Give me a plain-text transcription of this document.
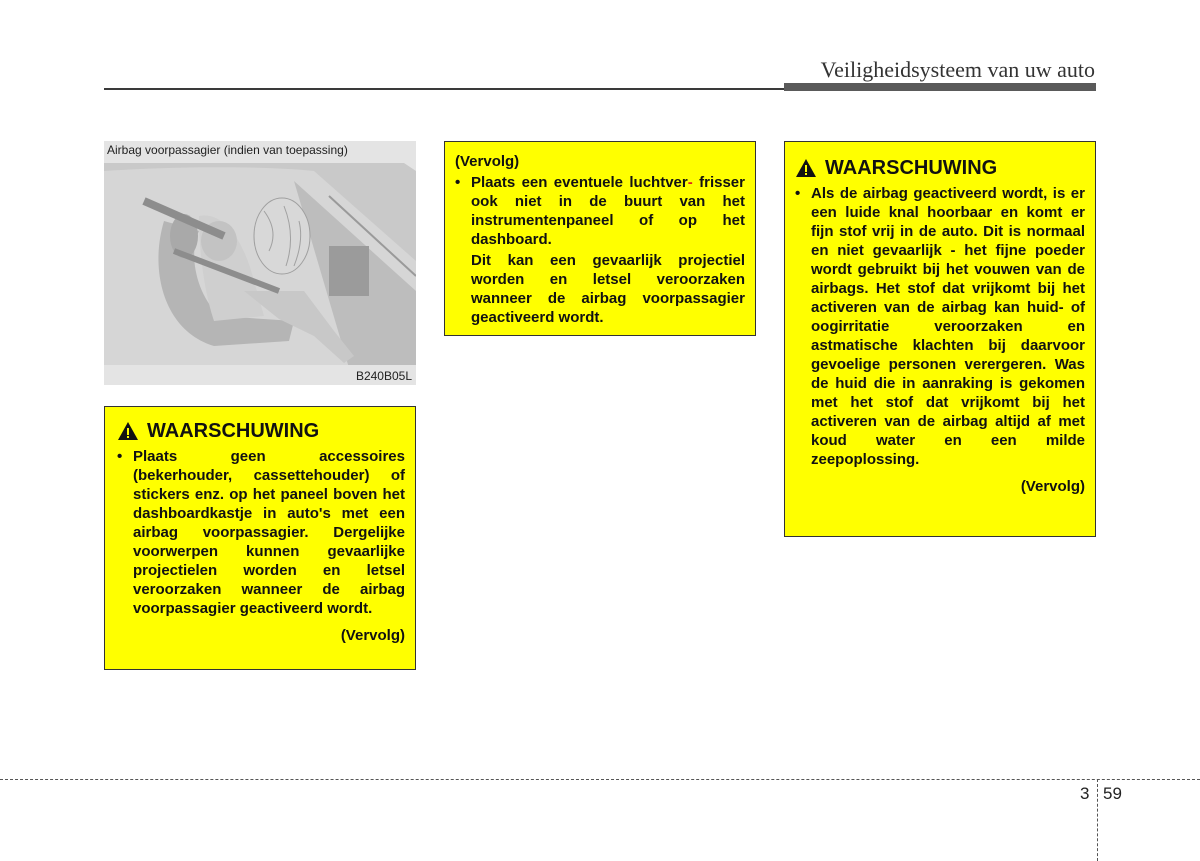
Veiligheidsysteem van uw auto
Airbag voorpassagier (indien van toepassing)
B240B05L
WAARSCHUWING
• Plaats geen accessoires (bekerhouder, cassettehouder) of stickers enz. op het paneel boven het dashboardkastje in auto's met een airbag voorpassagier. Dergelijke voorwerpen kunnen gevaarlijke projectielen worden en letsel veroorzaken wanneer de airbag voorpassagier geactiveerd wordt.
(Vervolg)
(Vervolg)
• Plaats een eventuele luchtver- frisser ook niet in de buurt van het instrumentenpaneel of op het dashboard.
Dit kan een gevaarlijk projectiel worden en letsel veroorzaken wanneer de airbag voorpassagier geactiveerd wordt.
WAARSCHUWING
• Als de airbag geactiveerd wordt, is er een luide knal hoorbaar en komt er fijn stof vrij in de auto. Dit is normaal en niet gevaarlijk - het fijne poeder wordt gebruikt bij het vouwen van de airbags. Het stof dat vrijkomt bij het activeren van de airbag kan huid- of oogirritatie veroorzaken en astmatische klachten bij daarvoor gevoelige personen verergeren. Was de huid die in aanraking is gekomen met het stof dat vrijkomt bij het activeren van de airbag altijd af met koud water en een milde zeepoplossing.
(Vervolg)
3 59
